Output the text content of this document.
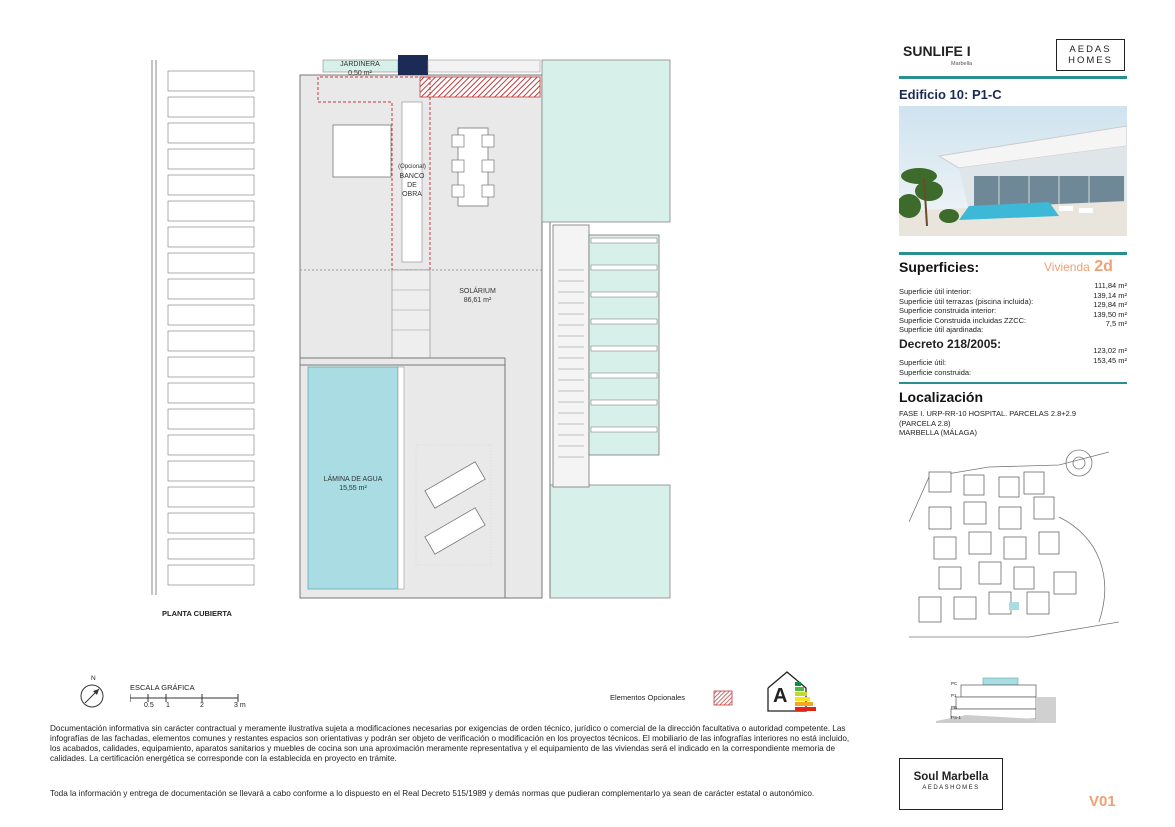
JARDINERA
0,50 m²
(Opcional)
BANCO
DE
OBRA
SOLÁRIUM
86,61 m²
LÁMINA DE AGUA
15,55 m²
PLANTA CUBIERTA
N
ESCALA GRÁFICA
0.5 1	2	3 m
Elementos Opcionales	A
Documentación informativa sin carácter contractual y meramente ilustrativa sujeta a modificaciones necesarias por exigencias de orden técnico, jurídico o comercial de la dirección facultativa o autoridad competente. Las infografías de las fachadas, elementos comunes y restantes espacios son orientativas y podrán ser objeto de verificación o modificación en los proyectos técnicos. El mobiliario de las infografías interiores no está incluido, los acabados, calidades, equipamiento, aparatos sanitarios y muebles de cocina son una aproximación meramente representativa y el equipamiento de las viviendas será el indicado en la correspondiente memoria de calidades. La certificación energética se corresponde con la establecida en proyecto en trámite.
Toda la información y entrega de documentación se llevará a cabo conforme a lo dispuesto en el Real Decreto 515/1989 y demás normas que pudieran complementarlo ya sean de carácter estatal o autonómico.
SUNLIFE I
Marbella
AEDAS
HOMES
Edificio 10: P1-C
Superficies:	Vivienda 2d
Superficie útil interior:
111,84 m²
Superficie útil terrazas (piscina incluida):
139,14 m²
Superficie construida interior:
129,84 m²
Superficie Construida incluidas ZZCC:
139,50 m²
Superficie útil ajardinada:
7,5 m²
Decreto 218/2005:
Superficie útil:
123,02 m²
Superficie construida:
153,45 m²
Localización
FASE I. URP-RR-10 HOSPITAL. PARCELAS 2.8+2.9
(PARCELA 2.8)
MARBELLA (MÁLAGA)
PC
P1
PB
PS-1
Soul Marbella
AEDASHOMES
V01
